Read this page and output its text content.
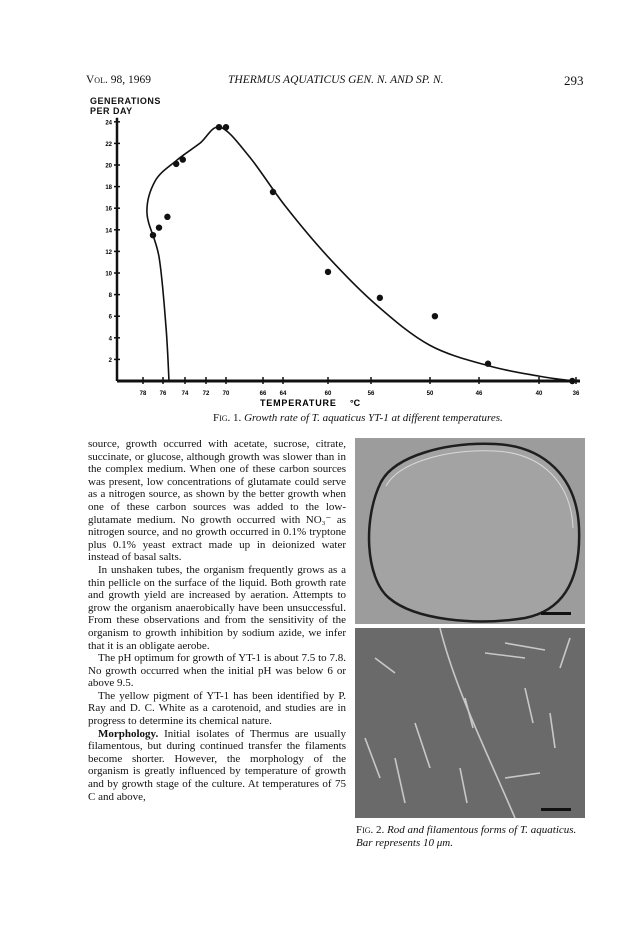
Vol. 98, 1969	THERMUS AQUATICUS GEN. N. AND SP. N.	293
GENERATIONS
PER DAY
2
4
6
8
10
12
14
16
18
20
22
24
78 76	74 72 70	66 64	60	56	50	46	40	36
TEMPERATURE °C
Fig. 1. Growth rate of T. aquaticus YT-1 at different temperatures.

source, growth occurred with acetate, sucrose, citrate, succinate, or glucose, although growth was slower than in the complex medium. When one of these carbon sources was present, low concentrations of glutamate could serve as a nitrogen source, as shown by the better growth when one of these carbon sources was added to the low-glutamate medium. No growth occurred with NO₃⁻ as nitrogen source, and no growth occurred in 0.1% tryptone plus 0.1% yeast extract made up in deionized water instead of basal salts.

In unshaken tubes, the organism frequently grows as a thin pellicle on the surface of the liquid. Both growth rate and growth yield are increased by aeration. Attempts to grow the organism anaerobically have been unsuccessful. From these observations and from the sensitivity of the organism to growth inhibition by sodium azide, we infer that it is an obligate aerobe.

The pH optimum for growth of YT-1 is about 7.5 to 7.8. No growth occurred when the initial pH was below 6 or above 9.5.

The yellow pigment of YT-1 has been identified by P. Ray and D. C. White as a carotenoid, and studies are in progress to determine its chemical nature.

Morphology. Initial isolates of Thermus are usually filamentous, but during continued transfer the filaments become shorter. However, the morphology of the organism is greatly influenced by temperature of growth and by growth stage of the culture. At temperatures of 75 C and above,

Fig. 2. Rod and filamentous forms of T. aquaticus. Bar represents 10 μm.
